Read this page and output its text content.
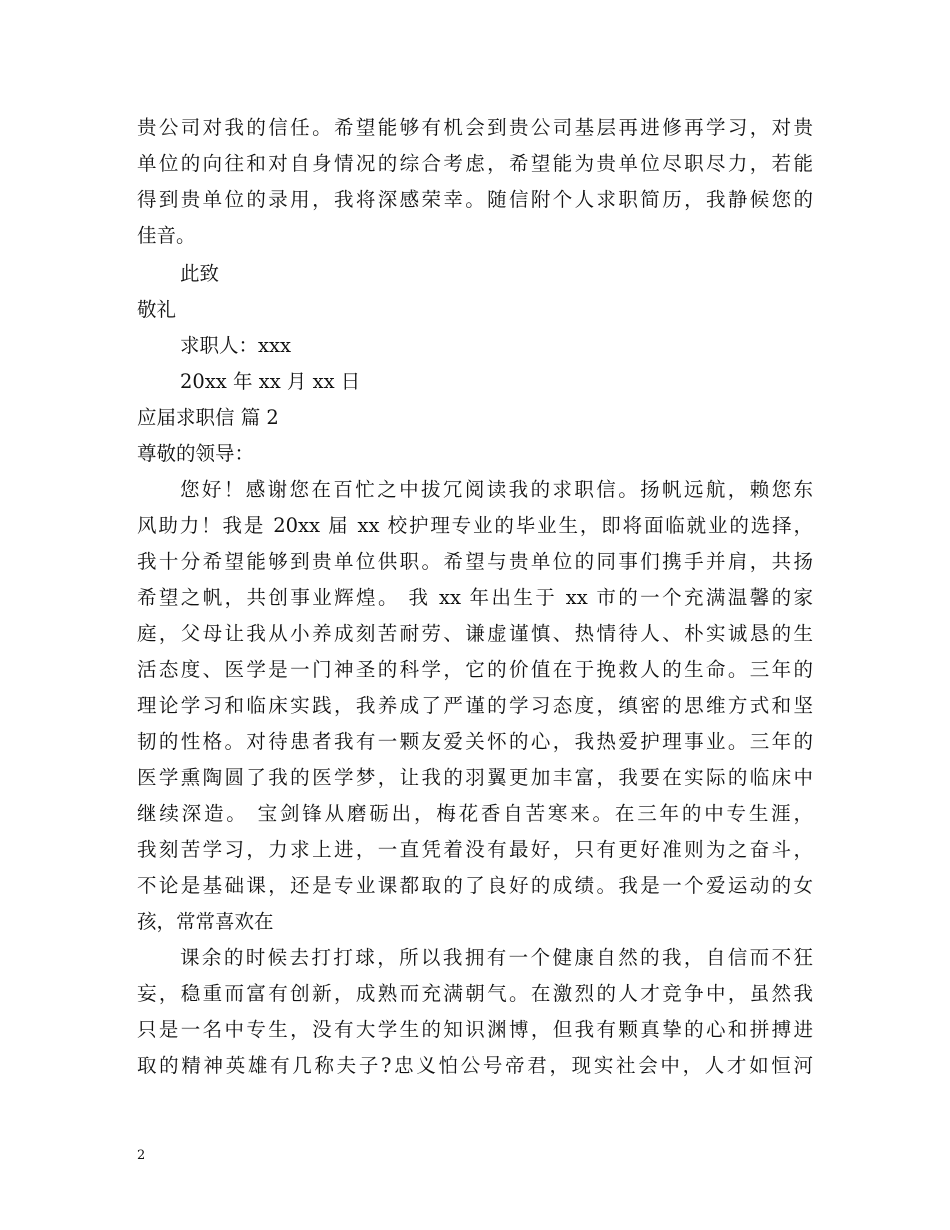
贵公司对我的信任。希望能够有机会到贵公司基层再进修再学习，对贵

单位的向往和对自身情况的综合考虑，希望能为贵单位尽职尽力，若能

得到贵单位的录用，我将深感荣幸。随信附个人求职简历，我静候您的

佳音。

此致

敬礼

求职人：xxx

20xx 年 xx 月 xx 日

应届求职信 篇 2

尊敬的领导：

您好！感谢您在百忙之中拔冗阅读我的求职信。扬帆远航，赖您东

风助力！我是 20xx 届 xx 校护理专业的毕业生，即将面临就业的选择，

我十分希望能够到贵单位供职。希望与贵单位的同事们携手并肩，共扬

希望之帆，共创事业辉煌。 我 xx 年出生于 xx 市的一个充满温馨的家

庭，父母让我从小养成刻苦耐劳、谦虚谨慎、热情待人、朴实诚恳的生

活态度、医学是一门神圣的科学，它的价值在于挽救人的生命。三年的

理论学习和临床实践，我养成了严谨的学习态度，缜密的思维方式和坚

韧的性格。对待患者我有一颗友爱关怀的心，我热爱护理事业。三年的

医学熏陶圆了我的医学梦，让我的羽翼更加丰富，我要在实际的临床中

继续深造。 宝剑锋从磨砺出，梅花香自苦寒来。在三年的中专生涯，

我刻苦学习，力求上进，一直凭着没有最好，只有更好准则为之奋斗，

不论是基础课，还是专业课都取的了良好的成绩。我是一个爱运动的女

孩，常常喜欢在

课余的时候去打打球，所以我拥有一个健康自然的我，自信而不狂

妄，稳重而富有创新，成熟而充满朝气。在激烈的人才竞争中，虽然我

只是一名中专生，没有大学生的知识渊博，但我有颗真挚的心和拼搏进

取的精神英雄有几称夫子?忠义怕公号帝君，现实社会中，人才如恒河

2
